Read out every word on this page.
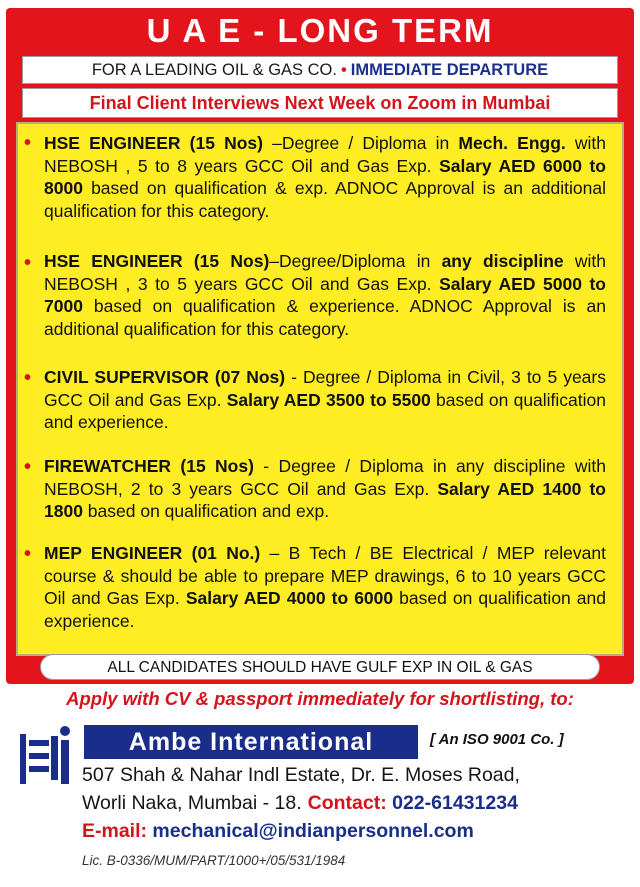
U A E - LONG TERM
FOR A LEADING OIL & GAS CO. • IMMEDIATE DEPARTURE
Final Client Interviews Next Week on Zoom in Mumbai
• HSE ENGINEER (15 Nos) –Degree / Diploma in Mech. Engg. with NEBOSH , 5 to 8 years GCC Oil and Gas Exp. Salary AED 6000 to 8000 based on qualification & exp. ADNOC Approval is an additional qualification for this category.
• HSE ENGINEER (15 Nos)–Degree/Diploma in any discipline with NEBOSH , 3 to 5 years GCC Oil and Gas Exp. Salary AED 5000 to 7000 based on qualification & experience. ADNOC Approval is an additional qualification for this category.
• CIVIL SUPERVISOR (07 Nos) - Degree / Diploma in Civil, 3 to 5 years GCC Oil and Gas Exp. Salary AED 3500 to 5500 based on qualification and experience.
• FIREWATCHER (15 Nos) - Degree / Diploma in any discipline with NEBOSH, 2 to 3 years GCC Oil and Gas Exp. Salary AED 1400 to 1800 based on qualification and exp.
• MEP ENGINEER (01 No.) – B Tech / BE Electrical / MEP relevant course & should be able to prepare MEP drawings, 6 to 10 years GCC Oil and Gas Exp. Salary AED 4000 to 6000 based on qualification and experience.
ALL CANDIDATES SHOULD HAVE GULF EXP IN OIL & GAS
Apply with CV & passport immediately for shortlisting, to:
Ambe International	[ An ISO 9001 Co. ]
507 Shah & Nahar Indl Estate, Dr. E. Moses Road,
Worli Naka, Mumbai - 18. Contact: 022-61431234
E-mail: mechanical@indianpersonnel.com
Lic. B-0336/MUM/PART/1000+/05/531/1984
